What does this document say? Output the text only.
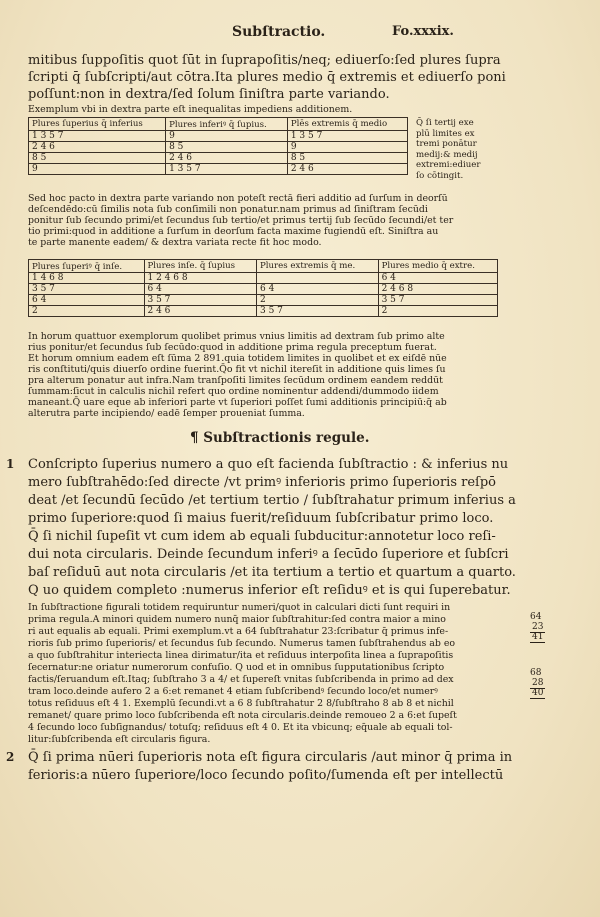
Subſtractio.	Fo.xxxix.
mitibus ſuppoſitis quot ſūt in ſuprapoſitis/neq; ediuerſo:ſed plures ſupra
ſcripti q̄ ſubſcripti/aut cōtra.Ita plures medio q̄ extremis et ediuerſo poni
poſſunt:non in dextra/ſed ſolum ſiniſtra parte variando.
Exemplum vbi in dextra parte eſt inequalitas impediens additionem.
Plures ſuperius q̄ inferius	Plures inferiꝰ q̄ ſupius.	Plēs extremis q̄ medio
1 3 5 7	9	1 3 5 7
2 4 6	8 5	9
8 5	2 4 6	8 5
9	1 3 5 7	2 4 6
Q̄ ſi tertij exe
plū limites ex
tremi ponātur
medij:& medij
extremi:ediuer
ſo cōtingit.
Sed hoc pacto in dextra parte variando non poteſt rectā fieri additio ad ſurſum in deorſū
deſcendēdo:cū ſimilis nota ſub conſimili non ponatur.nam primus ad ſiniſtram ſecūdi
ponitur ſub ſecundo primi/et ſecundus ſub tertio/et primus tertij ſub ſecūdo ſecundi/et ter
tio primi:quod in additione a ſurſum in deorſum facta maxime fugiendū eſt. Siniſtra au
te parte manente eadem/ & dextra variata recte fit hoc modo.
Plures ſuperiꝰ q̄ inſe.	Plures inſe. q̄ ſupius	Plures extremis q̄ me.	Plures medio q̄ extre.
1 4 6 8	1 2 4 6 8		6 4
3 5 7	6 4	6 4	2 4 6 8
6 4	3 5 7	2	3 5 7
2	2 4 6	3 5 7	2
In horum quattuor exemplorum quolibet primus vnius limitis ad dextram ſub primo alte
rius ponitur/et ſecundus ſub ſecūdo:quod in additione prima regula preceptum fuerat.
Et horum omnium eadem eſt ſūma 2 891.quia totidem limites in quolibet et ex eiſdē nūe
ris conſtituti/quis diuerſo ordine fuerint.Q̄o fit vt nichil itereſit in additione quis limes ſu
pra alterum ponatur aut infra.Nam tranſpoſiti limites ſecūdum ordinem eandem reddūt
ſummam:ſicut in calculis nichil refert quo ordine nominentur addendi/dummodo iidem
maneant.Q̄ uare eque ab inferiori parte vt ſuperiori poſſet ſumi additionis principiū:q̄ ab
alterutra parte incipiendo/ eadē ſemper proueniat ſumma.
¶ Subſtractionis regule.
1 Conſcripto ſuperius numero a quo eſt facienda ſubſtractio : & inferius nu
mero ſubſtrahēdo:ſed directe /vt primꝰ inferioris primo ſuperioris reſpō
deat /et ſecundū ſecūdo /et tertium tertio / ſubſtrahatur primum inferius a
primo ſuperiore:quod ſi maius fuerit/reſiduum ſubſcribatur primo loco.
Q̄ ſi nichil ſupeſit vt cum idem ab equali ſubducitur:annotetur loco reſi-
dui nota circularis. Deinde ſecundum inferiꝰ a ſecūdo ſuperiore et ſubſcri
baſ reſiduū aut nota circularis /et ita tertium a tertio et quartum a quarto.
Q uo quidem completo :numerus inferior eſt reſiduꝰ et is qui ſuperebatur.
In ſubſtractione figurali totidem requiruntur numeri/quot in calculari dicti ſunt requiri in
prima regula.A minori quidem numero nunq̄ maior ſubſtrahitur:ſed contra maior a mino
ri aut equalis ab equali. Primi exemplum.vt a 64 ſubſtrahatur 23:ſcribatur q̄ primus infe-
rioris ſub primo ſuperioris/ et ſecundus ſub ſecundo. Numerus tamen ſubſtrahendus ab eo
a quo ſubſtrahitur interiecta linea dirimatur/ita et reſiduus interpoſita linea a ſuprapoſitis
ſecernatur:ne oriatur numerorum confuſio. Q uod et in omnibus ſupputationibus ſcripto
factis/ſeruandum eſt.Itaq; ſubſtraho 3 a 4/ et ſupereſt vnitas ſubſcribenda in primo ad dex
tram loco.deinde aufero 2 a 6:et remanet 4 etiam ſubſcribendꝰ ſecundo loco/et numerꝰ
totus reſiduus eſt 4 1. Exemplū ſecundi.vt a 6 8 ſubſtrahatur 2 8/ſubſtraho 8 ab 8 et nichil
remanet/ quare primo loco ſubſcribenda eſt nota circularis.deinde remoueo 2 a 6:et ſupeſt
4 ſecundo loco ſubſignandus/ totuſq; reſiduus eſt 4 0. Et ita vbicunq; eq̄uale ab equali tol-
litur:ſubſcribenda eſt circularis figura.
64
23
41
68
28
40
2 Q̄ ſi prima nūeri ſuperioris nota eſt figura circularis /aut minor q̄ prima in
ferioris:a nūero ſuperiore/loco ſecundo poſito/ſumenda eſt per intellectū
